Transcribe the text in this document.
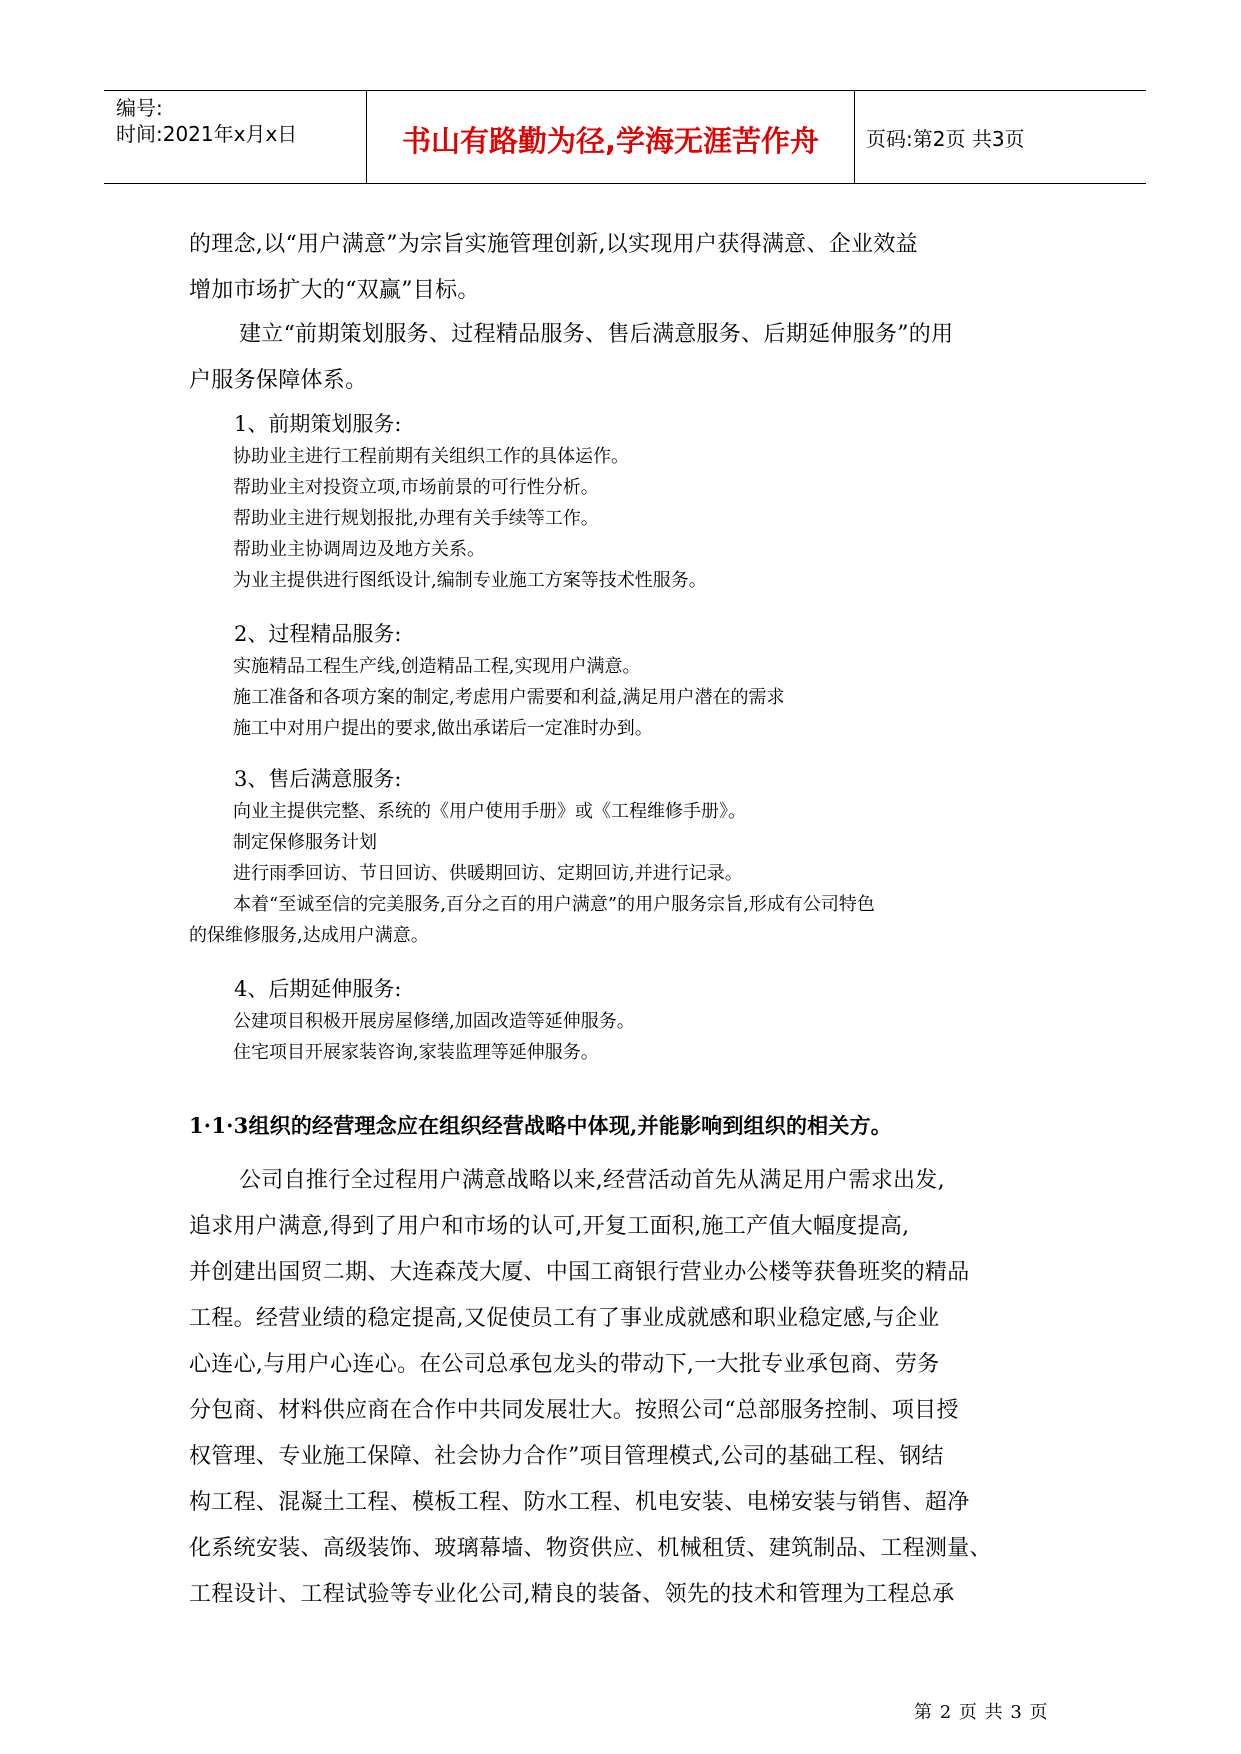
编号:
时间:2021年x月x日	书山有路勤为径,学海无涯苦作舟	页码:第2页 共3页
的理念,以“用户满意”为宗旨实施管理创新,以实现用户获得满意、企业效益
增加市场扩大的“双赢”目标。
建立“前期策划服务、过程精品服务、售后满意服务、后期延伸服务”的用
户服务保障体系。
1、前期策划服务:
协助业主进行工程前期有关组织工作的具体运作。
帮助业主对投资立项,市场前景的可行性分析。
帮助业主进行规划报批,办理有关手续等工作。
帮助业主协调周边及地方关系。
为业主提供进行图纸设计,编制专业施工方案等技术性服务。
2、过程精品服务:
实施精品工程生产线,创造精品工程,实现用户满意。
施工准备和各项方案的制定,考虑用户需要和利益,满足用户潜在的需求
施工中对用户提出的要求,做出承诺后一定准时办到。
3、售后满意服务:
向业主提供完整、系统的《用户使用手册》或《工程维修手册》。
制定保修服务计划
进行雨季回访、节日回访、供暖期回访、定期回访,并进行记录。
本着“至诚至信的完美服务,百分之百的用户满意”的用户服务宗旨,形成有公司特色
的保维修服务,达成用户满意。
4、后期延伸服务:
公建项目积极开展房屋修缮,加固改造等延伸服务。
住宅项目开展家装咨询,家装监理等延伸服务。
1·1·3组织的经营理念应在组织经营战略中体现,并能影响到组织的相关方。
公司自推行全过程用户满意战略以来,经营活动首先从满足用户需求出发,
追求用户满意,得到了用户和市场的认可,开复工面积,施工产值大幅度提高,
并创建出国贸二期、大连森茂大厦、中国工商银行营业办公楼等获鲁班奖的精品
工程。经营业绩的稳定提高,又促使员工有了事业成就感和职业稳定感,与企业
心连心,与用户心连心。在公司总承包龙头的带动下,一大批专业承包商、劳务
分包商、材料供应商在合作中共同发展壮大。按照公司“总部服务控制、项目授
权管理、专业施工保障、社会协力合作”项目管理模式,公司的基础工程、钢结
构工程、混凝土工程、模板工程、防水工程、机电安装、电梯安装与销售、超净
化系统安装、高级装饰、玻璃幕墙、物资供应、机械租赁、建筑制品、工程测量、
工程设计、工程试验等专业化公司,精良的装备、领先的技术和管理为工程总承
第 2 页 共 3 页
